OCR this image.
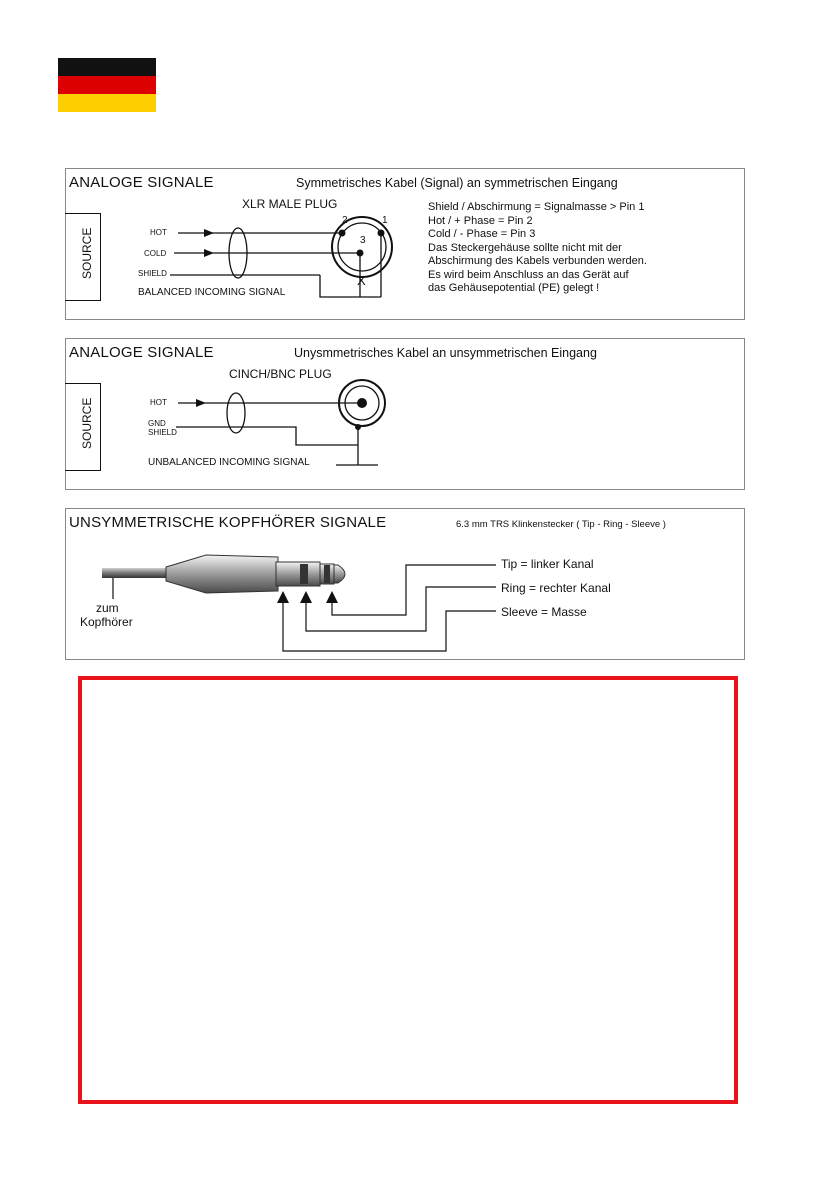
ANALOGE SIGNALE	Symmetrisches Kabel (Signal) an symmetrischen Eingang
SOURCE
XLR MALE PLUG
HOT
COLD
SHIELD
BALANCED INCOMING SIGNAL
2	1
3
X
Shield / Abschirmung = Signalmasse > Pin 1
Hot / + Phase = Pin 2
Cold / - Phase = Pin 3
Das Steckergehäuse sollte nicht mit der
Abschirmung des Kabels verbunden werden.
Es wird beim Anschluss an das Gerät auf
das Gehäusepotential (PE) gelegt !
ANALOGE SIGNALE	Unysmmetrisches Kabel an unsymmetrischen Eingang
SOURCE
CINCH/BNC PLUG
HOT
GND
SHIELD
UNBALANCED INCOMING SIGNAL
UNSYMMETRISCHE KOPFHÖRER SIGNALE	6.3 mm TRS Klinkenstecker ( Tip - Ring - Sleeve )
zum
Kopfhörer
Tip = linker Kanal
Ring = rechter Kanal
Sleeve = Masse
